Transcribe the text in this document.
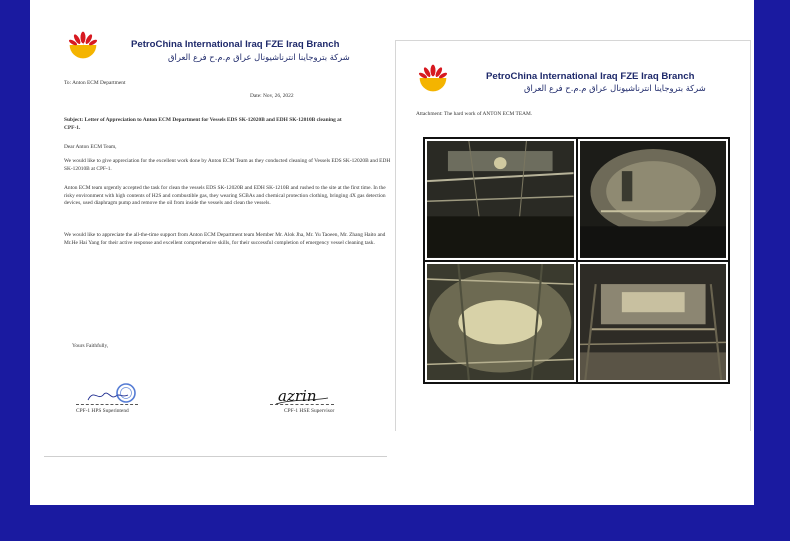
PetroChina International Iraq FZE Iraq Branch
شركة بتروجاينا انترناشيونال عراق م.م.ح فرع العراق
To: Anton ECM Department
Date: Nov, 26, 2022
Subject: Letter of Appreciation to Anton ECM Department for Vessels EDS SK-12020B and EDH SK-12010B cleaning at CPF-1.
Dear Anton ECM Team,
We would like to give appreciation for the excellent work done by Anton ECM Team as they conducted cleaning of Vessels EDS SK-12020B and EDH SK-12010B at CPF-1.
Anton ECM team urgently accepted the task for clean the vessels EDS SK-12020B and EDH SK-1210B and rushed to the site at the first time. In the risky environment with high contents of H2S and combustible gas, they wearing SCBAs and chemical protection clothing, bringing 4X gas detection devices, used diaphragm pump and remove the oil from inside the vessels and clean the vessels.
We would like to appreciate the all-the-time support from Anton ECM Department team Member Mr. Alok Jha, Mr. Yu Taoeen, Mr. Zhang Haito and Mr.He Hai Yang for their active response and excellent comprehensive skills, for their successful completion of emergency vessel cleaning task.
Yours Faithfully,
CPF-1 HPS Superintend
azrin
CPF-1 HSE Supervisor
PetroChina International Iraq FZE Iraq Branch
شركة بتروجاينا انترناشيونال عراق م.م.ح فرع العراق
Attachment: The hard work of ANTON ECM TEAM.
